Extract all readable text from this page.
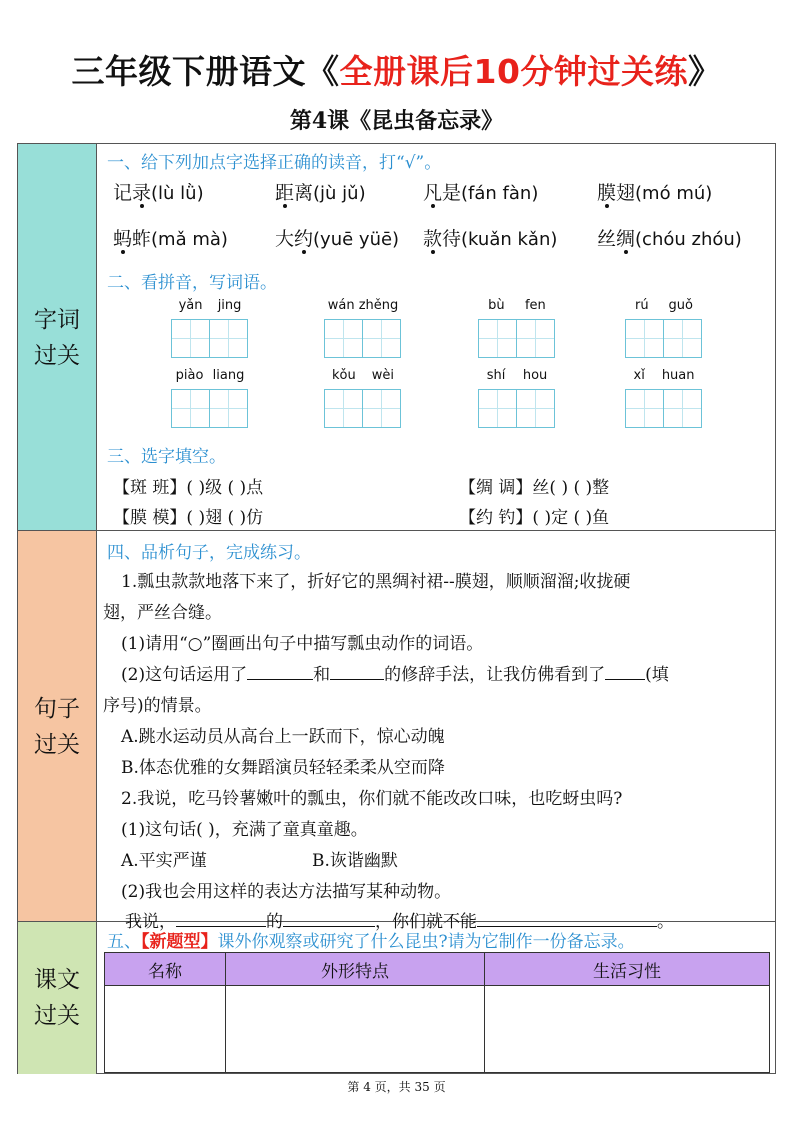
三年级下册语文《全册课后10分钟过关练》
第4课《昆虫备忘录》
字词
过关
句子
过关
课文
过关
一、给下列加点字选择正确的读音，打“√”。
记录(lù lǜ)	距离(jù jǔ)	凡是(fán fàn)	膜翅(mó mú)
蚂蚱(mǎ mà) 大约(yuē yüē) 款待(kuǎn kǎn) 丝绸(chóu zhóu)
二、看拼音，写词语。
yǎn jing	wán zhěng	bù fen	rú guǒ
piào liang	kǒu wèi	shí hou	xǐ huan
三、选字填空。
【斑 班】( )级 ( )点	【绸 调】丝( ) ( )整
【膜 模】( )翅 ( )仿	【约 钓】( )定 ( )鱼
四、品析句子，完成练习。
1.瓢虫款款地落下来了，折好它的黑绸衬裙--膜翅，顺顺溜溜;收拢硬
翅，严丝合缝。
(1)请用“○”圈画出句子中描写瓢虫动作的词语。
(2)这句话运用了	和	的修辞手法，让我仿佛看到了 (填
序号)的情景。
A.跳水运动员从高台上一跃而下，惊心动魄
B.体态优雅的女舞蹈演员轻轻柔柔从空而降
2.我说，吃马铃薯嫩叶的瓢虫，你们就不能改改口味，也吃蚜虫吗?
(1)这句话( )，充满了童真童趣。
A.平实严谨	B.诙谐幽默
(2)我也会用这样的表达方法描写某种动物。
我说，	的	，你们就不能	。
五、【新题型】课外你观察或研究了什么昆虫?请为它制作一份备忘录。
名称	外形特点	生活习性

第 4 页，共 35 页
